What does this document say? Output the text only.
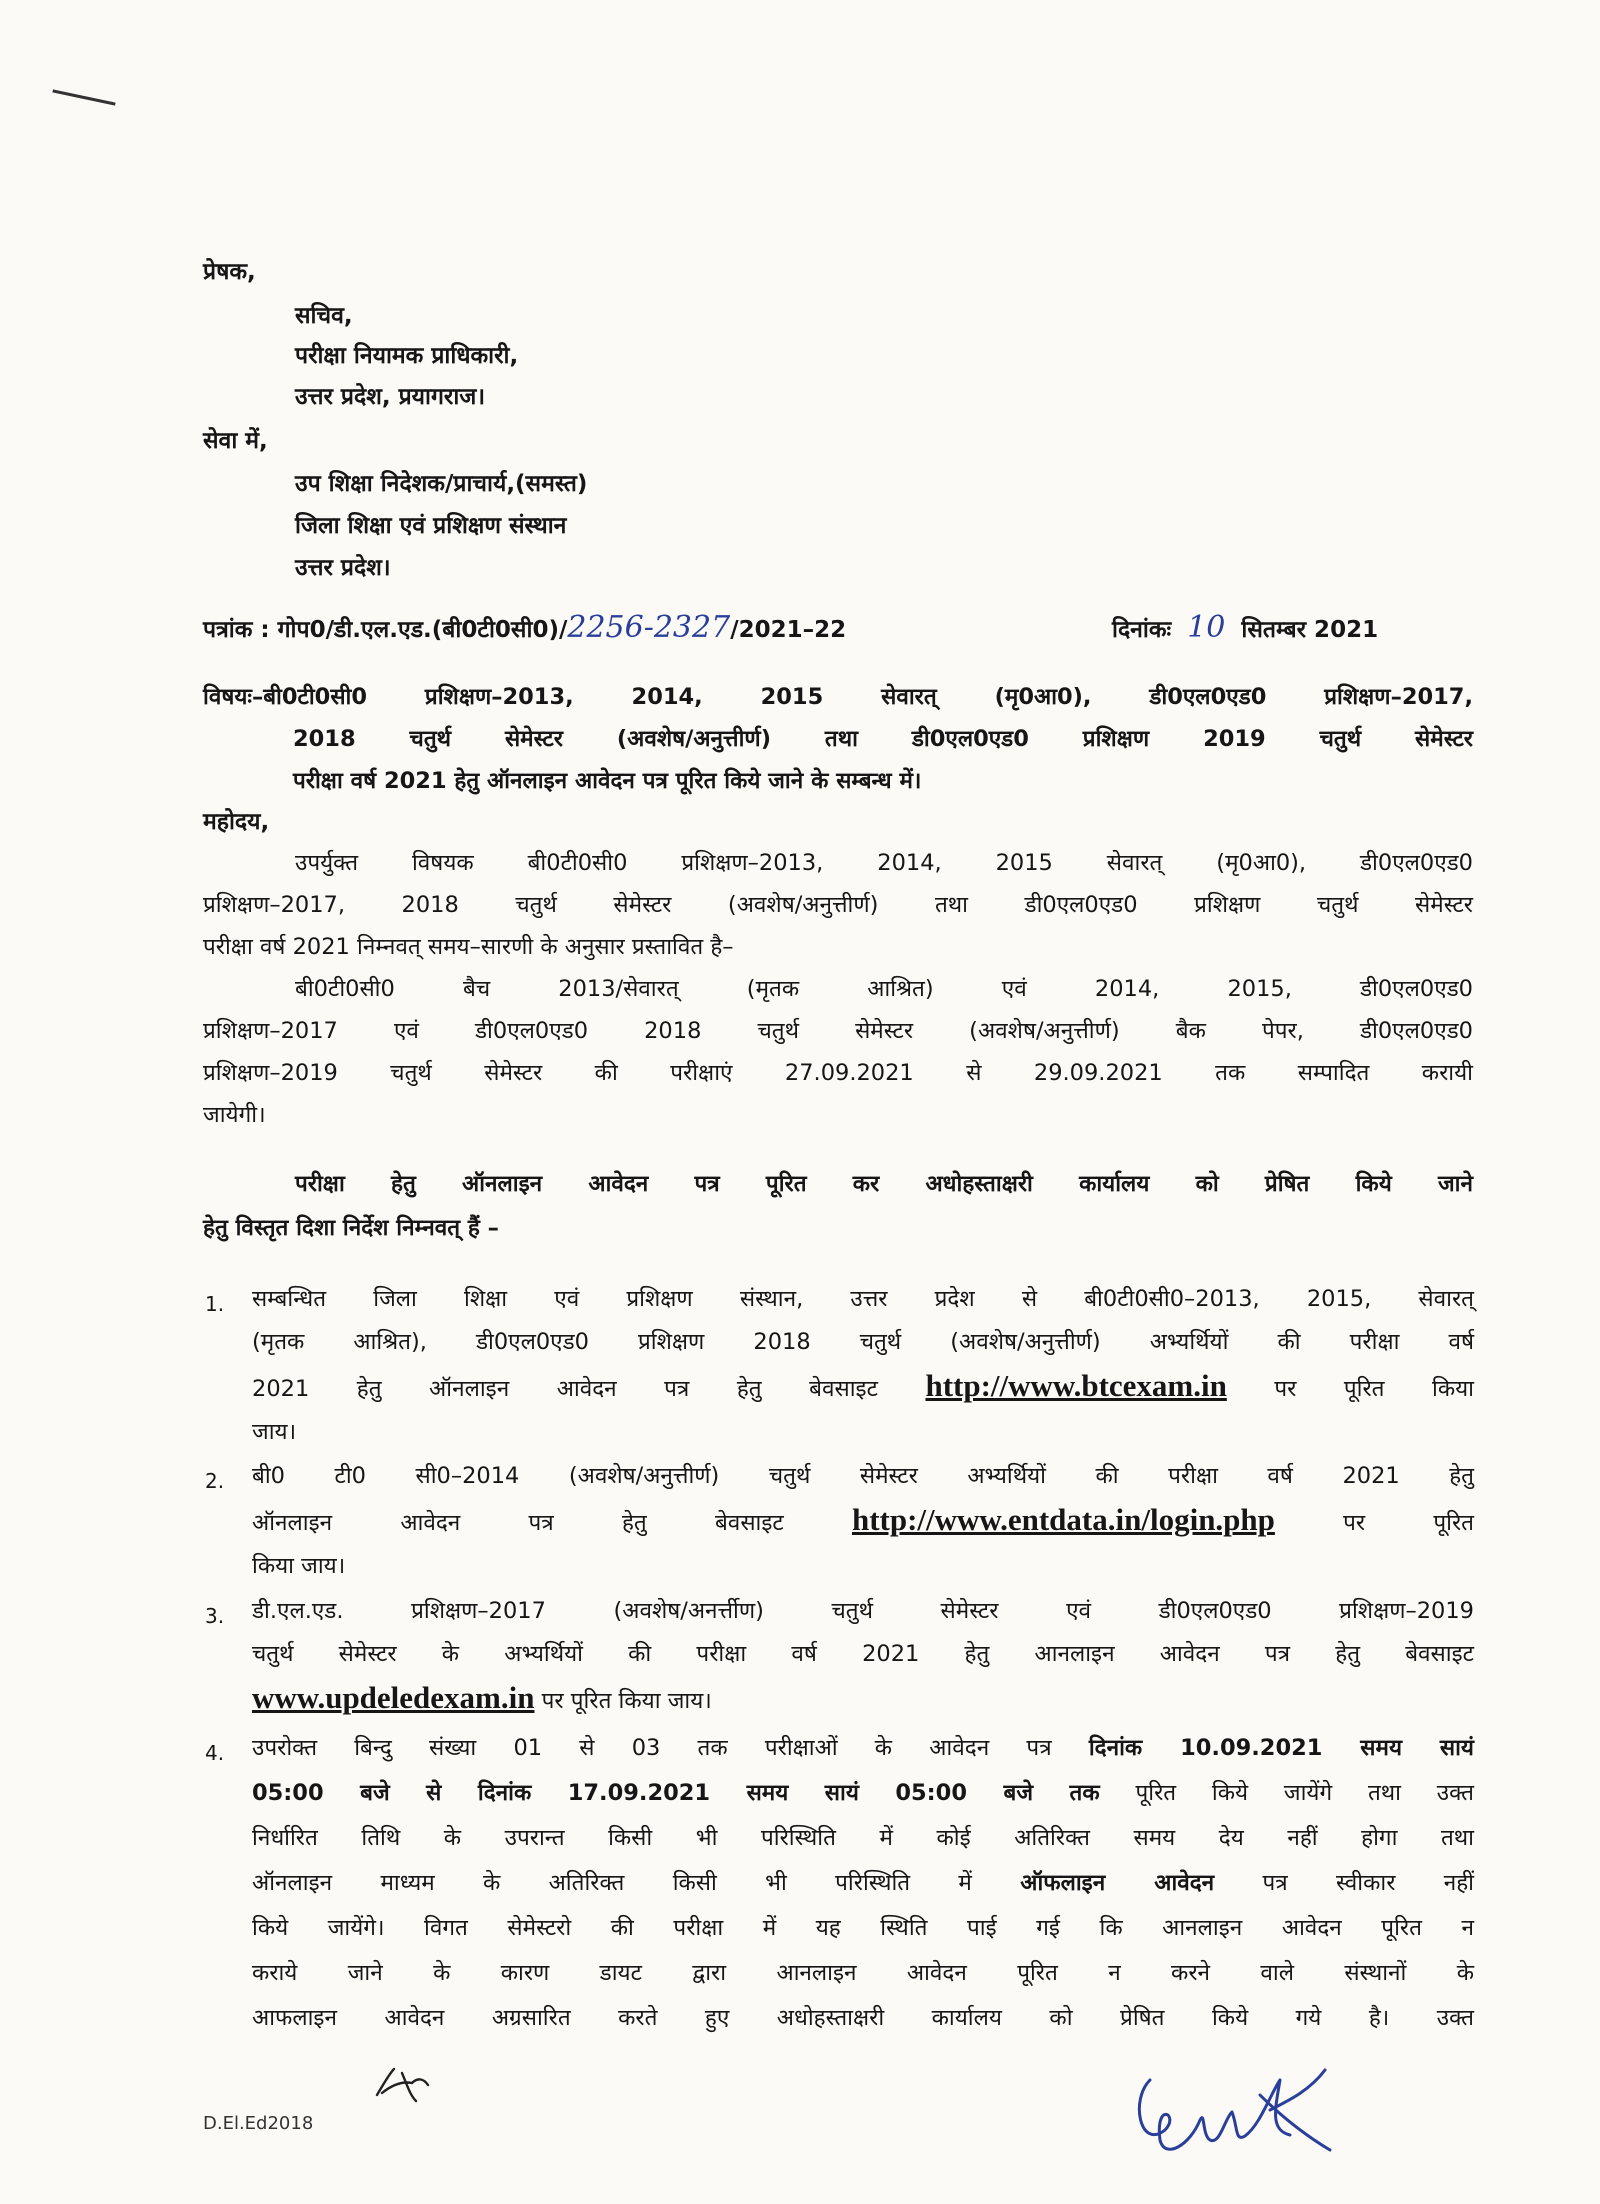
प्रेषक,
सचिव,
परीक्षा नियामक प्राधिकारी,
उत्तर प्रदेश, प्रयागराज।
सेवा में,
उप शिक्षा निदेशक/प्राचार्य,(समस्त)
जिला शिक्षा एवं प्रशिक्षण संस्थान
उत्तर प्रदेश।
पत्रांक : गोप0/डी.एल.एड.(बी0टी0सी0)/2256-2327/2021–22	दिनांकः 10 सितम्बर 2021
विषयः–बी0टी0सी0 प्रशिक्षण–2013, 2014, 2015 सेवारत् (मृ0आ0), डी0एल0एड0 प्रशिक्षण–2017,
2018 चतुर्थ सेमेस्टर (अवशेष/अनुत्तीर्ण) तथा डी0एल0एड0 प्रशिक्षण 2019 चतुर्थ सेमेस्टर
परीक्षा वर्ष 2021 हेतु ऑनलाइन आवेदन पत्र पूरित किये जाने के सम्बन्ध में।
महोदय,
उपर्युक्त विषयक बी0टी0सी0 प्रशिक्षण–2013, 2014, 2015 सेवारत् (मृ0आ0), डी0एल0एड0
प्रशिक्षण–2017, 2018 चतुर्थ सेमेस्टर (अवशेष/अनुत्तीर्ण) तथा डी0एल0एड0 प्रशिक्षण चतुर्थ सेमेस्टर
परीक्षा वर्ष 2021 निम्नवत् समय–सारणी के अनुसार प्रस्तावित है–
बी0टी0सी0 बैच 2013/सेवारत् (मृतक आश्रित) एवं 2014, 2015, डी0एल0एड0
प्रशिक्षण–2017 एवं डी0एल0एड0 2018 चतुर्थ सेमेस्टर (अवशेष/अनुत्तीर्ण) बैक पेपर, डी0एल0एड0
प्रशिक्षण–2019 चतुर्थ सेमेस्टर की परीक्षाएं 27.09.2021 से 29.09.2021 तक सम्पादित करायी
जायेगी।
परीक्षा हेतु ऑनलाइन आवेदन पत्र पूरित कर अधोहस्ताक्षरी कार्यालय को प्रेषित किये जाने
हेतु विस्तृत दिशा निर्देश निम्नवत् हैं –
1. सम्बन्धित जिला शिक्षा एवं प्रशिक्षण संस्थान, उत्तर प्रदेश से बी0टी0सी0–2013, 2015, सेवारत्
(मृतक आश्रित), डी0एल0एड0 प्रशिक्षण 2018 चतुर्थ (अवशेष/अनुत्तीर्ण) अभ्यर्थियों की परीक्षा वर्ष
2021 हेतु ऑनलाइन आवेदन पत्र हेतु बेवसाइट http://www.btcexam.in पर पूरित किया
जाय।
2. बी0 टी0 सी0–2014 (अवशेष/अनुत्तीर्ण) चतुर्थ सेमेस्टर अभ्यर्थियों की परीक्षा वर्ष 2021 हेतु
ऑनलाइन आवेदन पत्र हेतु बेवसाइट http://www.entdata.in/login.php	पर पूरित
किया जाय।
3. डी.एल.एड. प्रशिक्षण–2017 (अवशेष/अनर्त्तीण) चतुर्थ सेमेस्टर एवं डी0एल0एड0 प्रशिक्षण–2019
चतुर्थ सेमेस्टर के अभ्यर्थियों की परीक्षा वर्ष 2021 हेतु आनलाइन आवेदन पत्र हेतु बेवसाइट
www.updeledexam.in पर पूरित किया जाय।
4. उपरोक्त बिन्दु संख्या 01 से 03 तक परीक्षाओं के आवेदन पत्र दिनांक 10.09.2021 समय सायं
05:00 बजे से दिनांक 17.09.2021 समय सायं 05:00 बजे तक पूरित किये जायेंगे तथा उक्त
निर्धारित तिथि के उपरान्त किसी भी परिस्थिति में कोई अतिरिक्त समय देय नहीं होगा तथा
ऑनलाइन माध्यम के अतिरिक्त किसी भी परिस्थिति में ऑफलाइन आवेदन पत्र स्वीकार नहीं
किये जायेंगे। विगत सेमेस्टरो की परीक्षा में यह स्थिति पाई गई कि आनलाइन आवेदन पूरित न
कराये जाने के कारण डायट द्वारा आनलाइन आवेदन पूरित न करने वाले संस्थानों के
आफलाइन आवेदन अग्रसारित करते हुए अधोहस्ताक्षरी कार्यालय को प्रेषित किये गये है। उक्त
D.El.Ed2018
